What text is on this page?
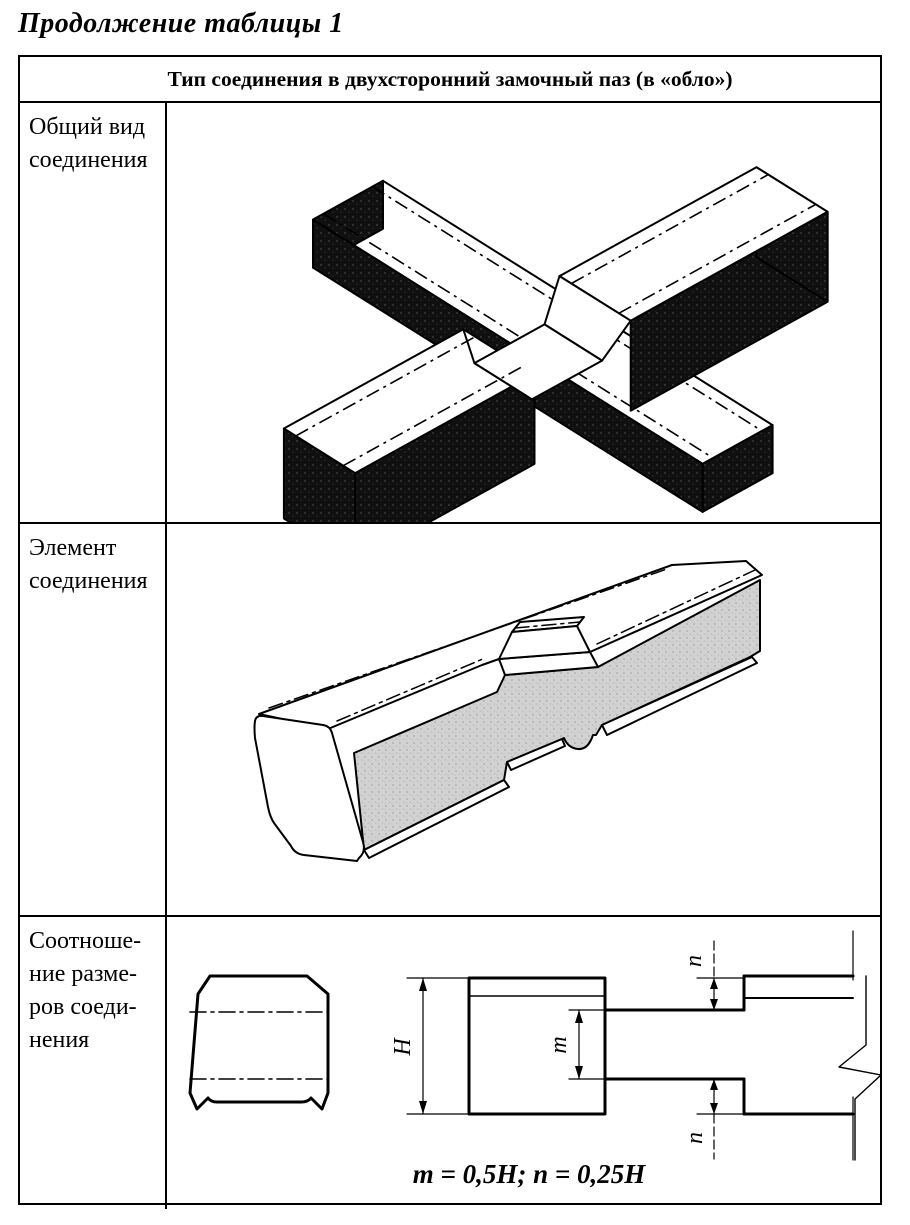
Продолжение таблицы 1
Тип соединения в двухсторонний замочный паз (в «обло»)
Общий вид
соединения
Элемент
соединения
Соотноше-
ние разме-
ров соеди-
нения	H	m
n
n
m = 0,5H; n = 0,25H
